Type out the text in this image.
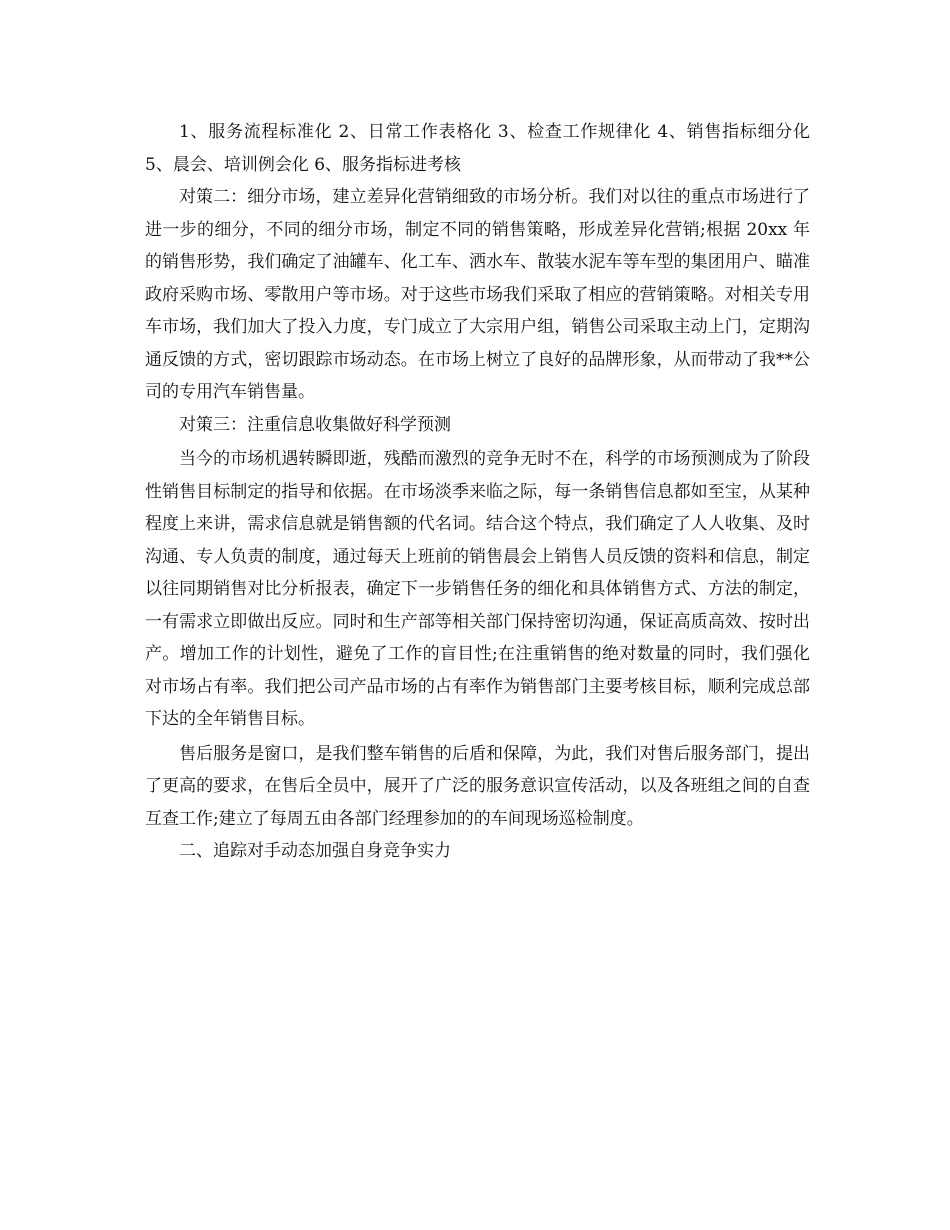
1、服务流程标准化 2、日常工作表格化 3、检查工作规律化 4、销售指标细分化 5、晨会、培训例会化 6、服务指标进考核

对策二：细分市场，建立差异化营销细致的市场分析。我们对以往的重点市场进行了进一步的细分，不同的细分市场，制定不同的销售策略，形成差异化营销;根据 20xx 年的销售形势，我们确定了油罐车、化工车、洒水车、散装水泥车等车型的集团用户、瞄准政府采购市场、零散用户等市场。对于这些市场我们采取了相应的营销策略。对相关专用车市场，我们加大了投入力度，专门成立了大宗用户组，销售公司采取主动上门，定期沟通反馈的方式，密切跟踪市场动态。在市场上树立了良好的品牌形象，从而带动了我**公司的专用汽车销售量。

对策三：注重信息收集做好科学预测

当今的市场机遇转瞬即逝，残酷而激烈的竞争无时不在，科学的市场预测成为了阶段性销售目标制定的指导和依据。在市场淡季来临之际，每一条销售信息都如至宝，从某种程度上来讲，需求信息就是销售额的代名词。结合这个特点，我们确定了人人收集、及时沟通、专人负责的制度，通过每天上班前的销售晨会上销售人员反馈的资料和信息，制定以往同期销售对比分析报表，确定下一步销售任务的细化和具体销售方式、方法的制定，一有需求立即做出反应。同时和生产部等相关部门保持密切沟通，保证高质高效、按时出产。增加工作的计划性，避免了工作的盲目性;在注重销售的绝对数量的同时，我们强化对市场占有率。我们把公司产品市场的占有率作为销售部门主要考核目标，顺利完成总部下达的全年销售目标。

售后服务是窗口，是我们整车销售的后盾和保障，为此，我们对售后服务部门，提出了更高的要求，在售后全员中，展开了广泛的服务意识宣传活动，以及各班组之间的自查互查工作;建立了每周五由各部门经理参加的的车间现场巡检制度。

二、追踪对手动态加强自身竞争实力
